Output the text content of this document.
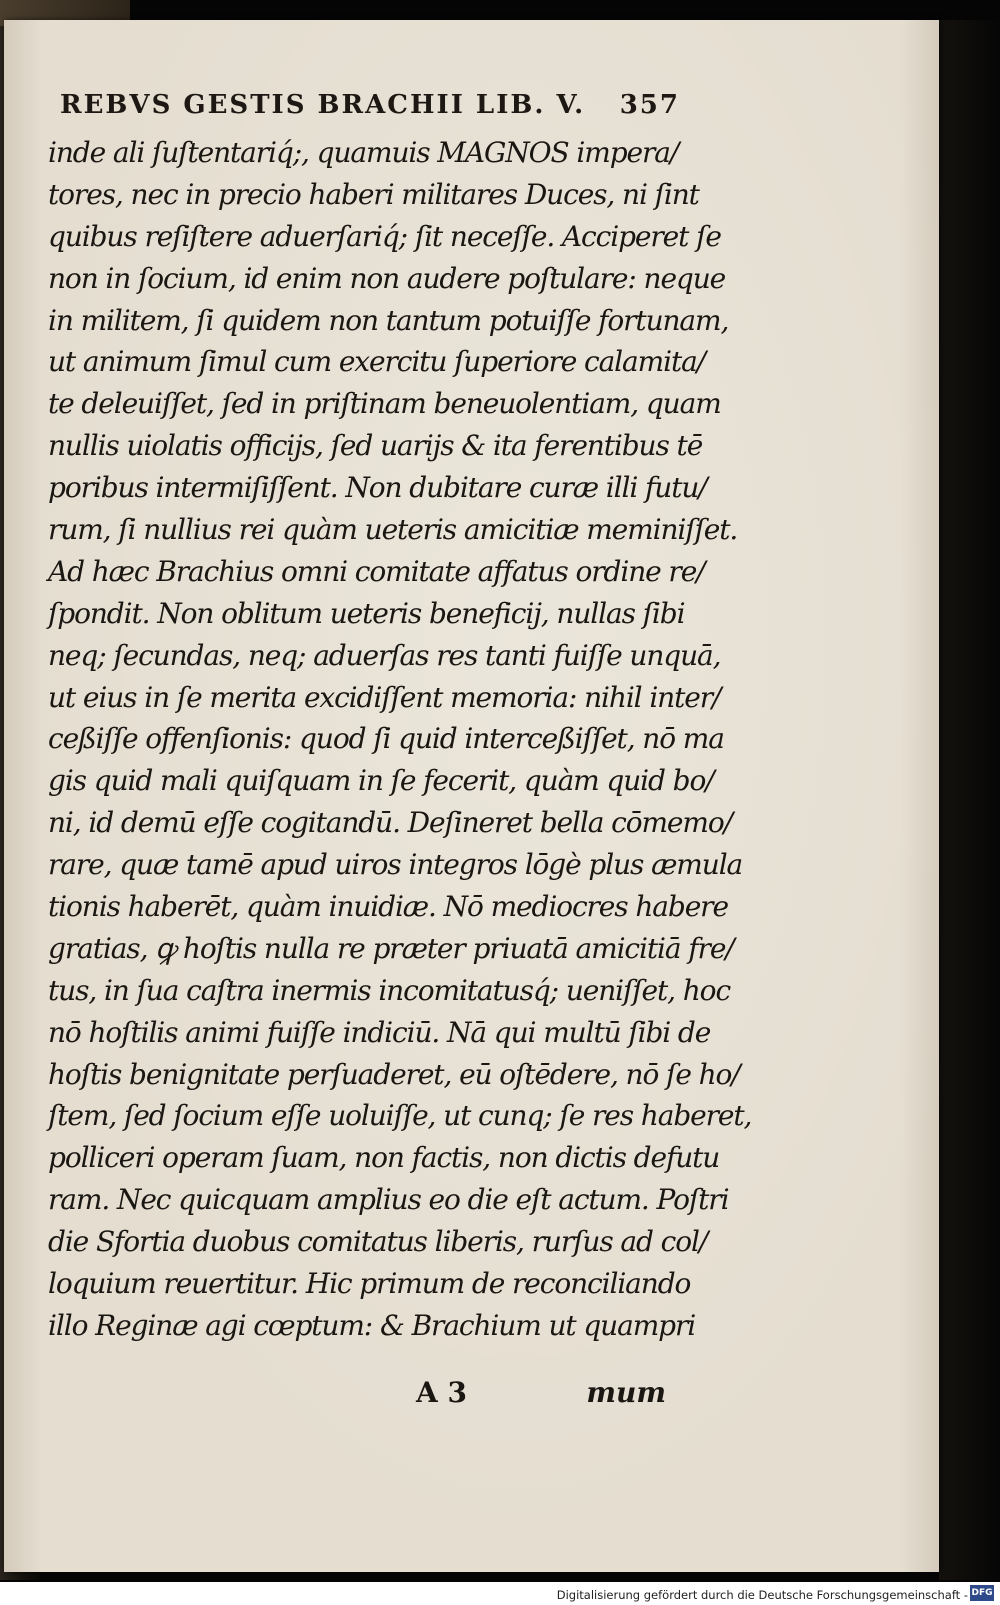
REBVS GESTIS BRACHII LIB. V. 357
inde ali ſuſtentariq́;, quamuis MAGNOS impera/
tores, nec in precio haberi militares Duces, ni ſint
quibus reſiſtere aduerſariq́; ſit neceſſe. Acciperet ſe
non in ſocium, id enim non audere poſtulare: neque
in militem, ſi quidem non tantum potuiſſe fortunam,
ut animum ſimul cum exercitu ſuperiore calamita/
te deleuiſſet, ſed in priſtinam beneuolentiam, quam
nullis uiolatis officijs, ſed uarijs & ita ferentibus tē
poribus intermiſiſſent. Non dubitare curæ illi futu/
rum, ſi nullius rei quàm ueteris amicitiæ meminiſſet.
Ad hæc Brachius omni comitate affatus ordine re/
ſpondit. Non oblitum ueteris beneficij, nullas ſibi
neq; ſecundas, neq; aduerſas res tanti fuiſſe unquā,
ut eius in ſe merita excidiſſent memoria: nihil inter/
ceßiſſe offenſionis: quod ſi quid interceßiſſet, nō ma
gis quid mali quiſquam in ſe fecerit, quàm quid bo/
ni, id demū eſſe cogitandū. Deſineret bella cōmemo/
rare, quæ tamē apud uiros integros lōgè plus æmula
tionis haberēt, quàm inuidiæ. Nō mediocres habere
gratias, ꝙ hoſtis nulla re præter priuatā amicitiā fre/
tus, in ſua caſtra inermis incomitatusq́; ueniſſet, hoc
nō hoſtilis animi fuiſſe indiciū. Nā qui multū ſibi de
hoſtis benignitate perſuaderet, eū oſtēdere, nō ſe ho/
ſtem, ſed ſocium eſſe uoluiſſe, ut cunq; ſe res haberet,
polliceri operam ſuam, non factis, non dictis defutu
ram. Nec quicquam amplius eo die eſt actum. Poſtri
die Sfortia duobus comitatus liberis, rurſus ad col/
loquium reuertitur. Hic primum de reconciliando
illo Reginæ agi cœptum: & Brachium ut quampri
A 3	mum
Digitalisierung gefördert durch die Deutsche Forschungsgemeinschaft - DFG
